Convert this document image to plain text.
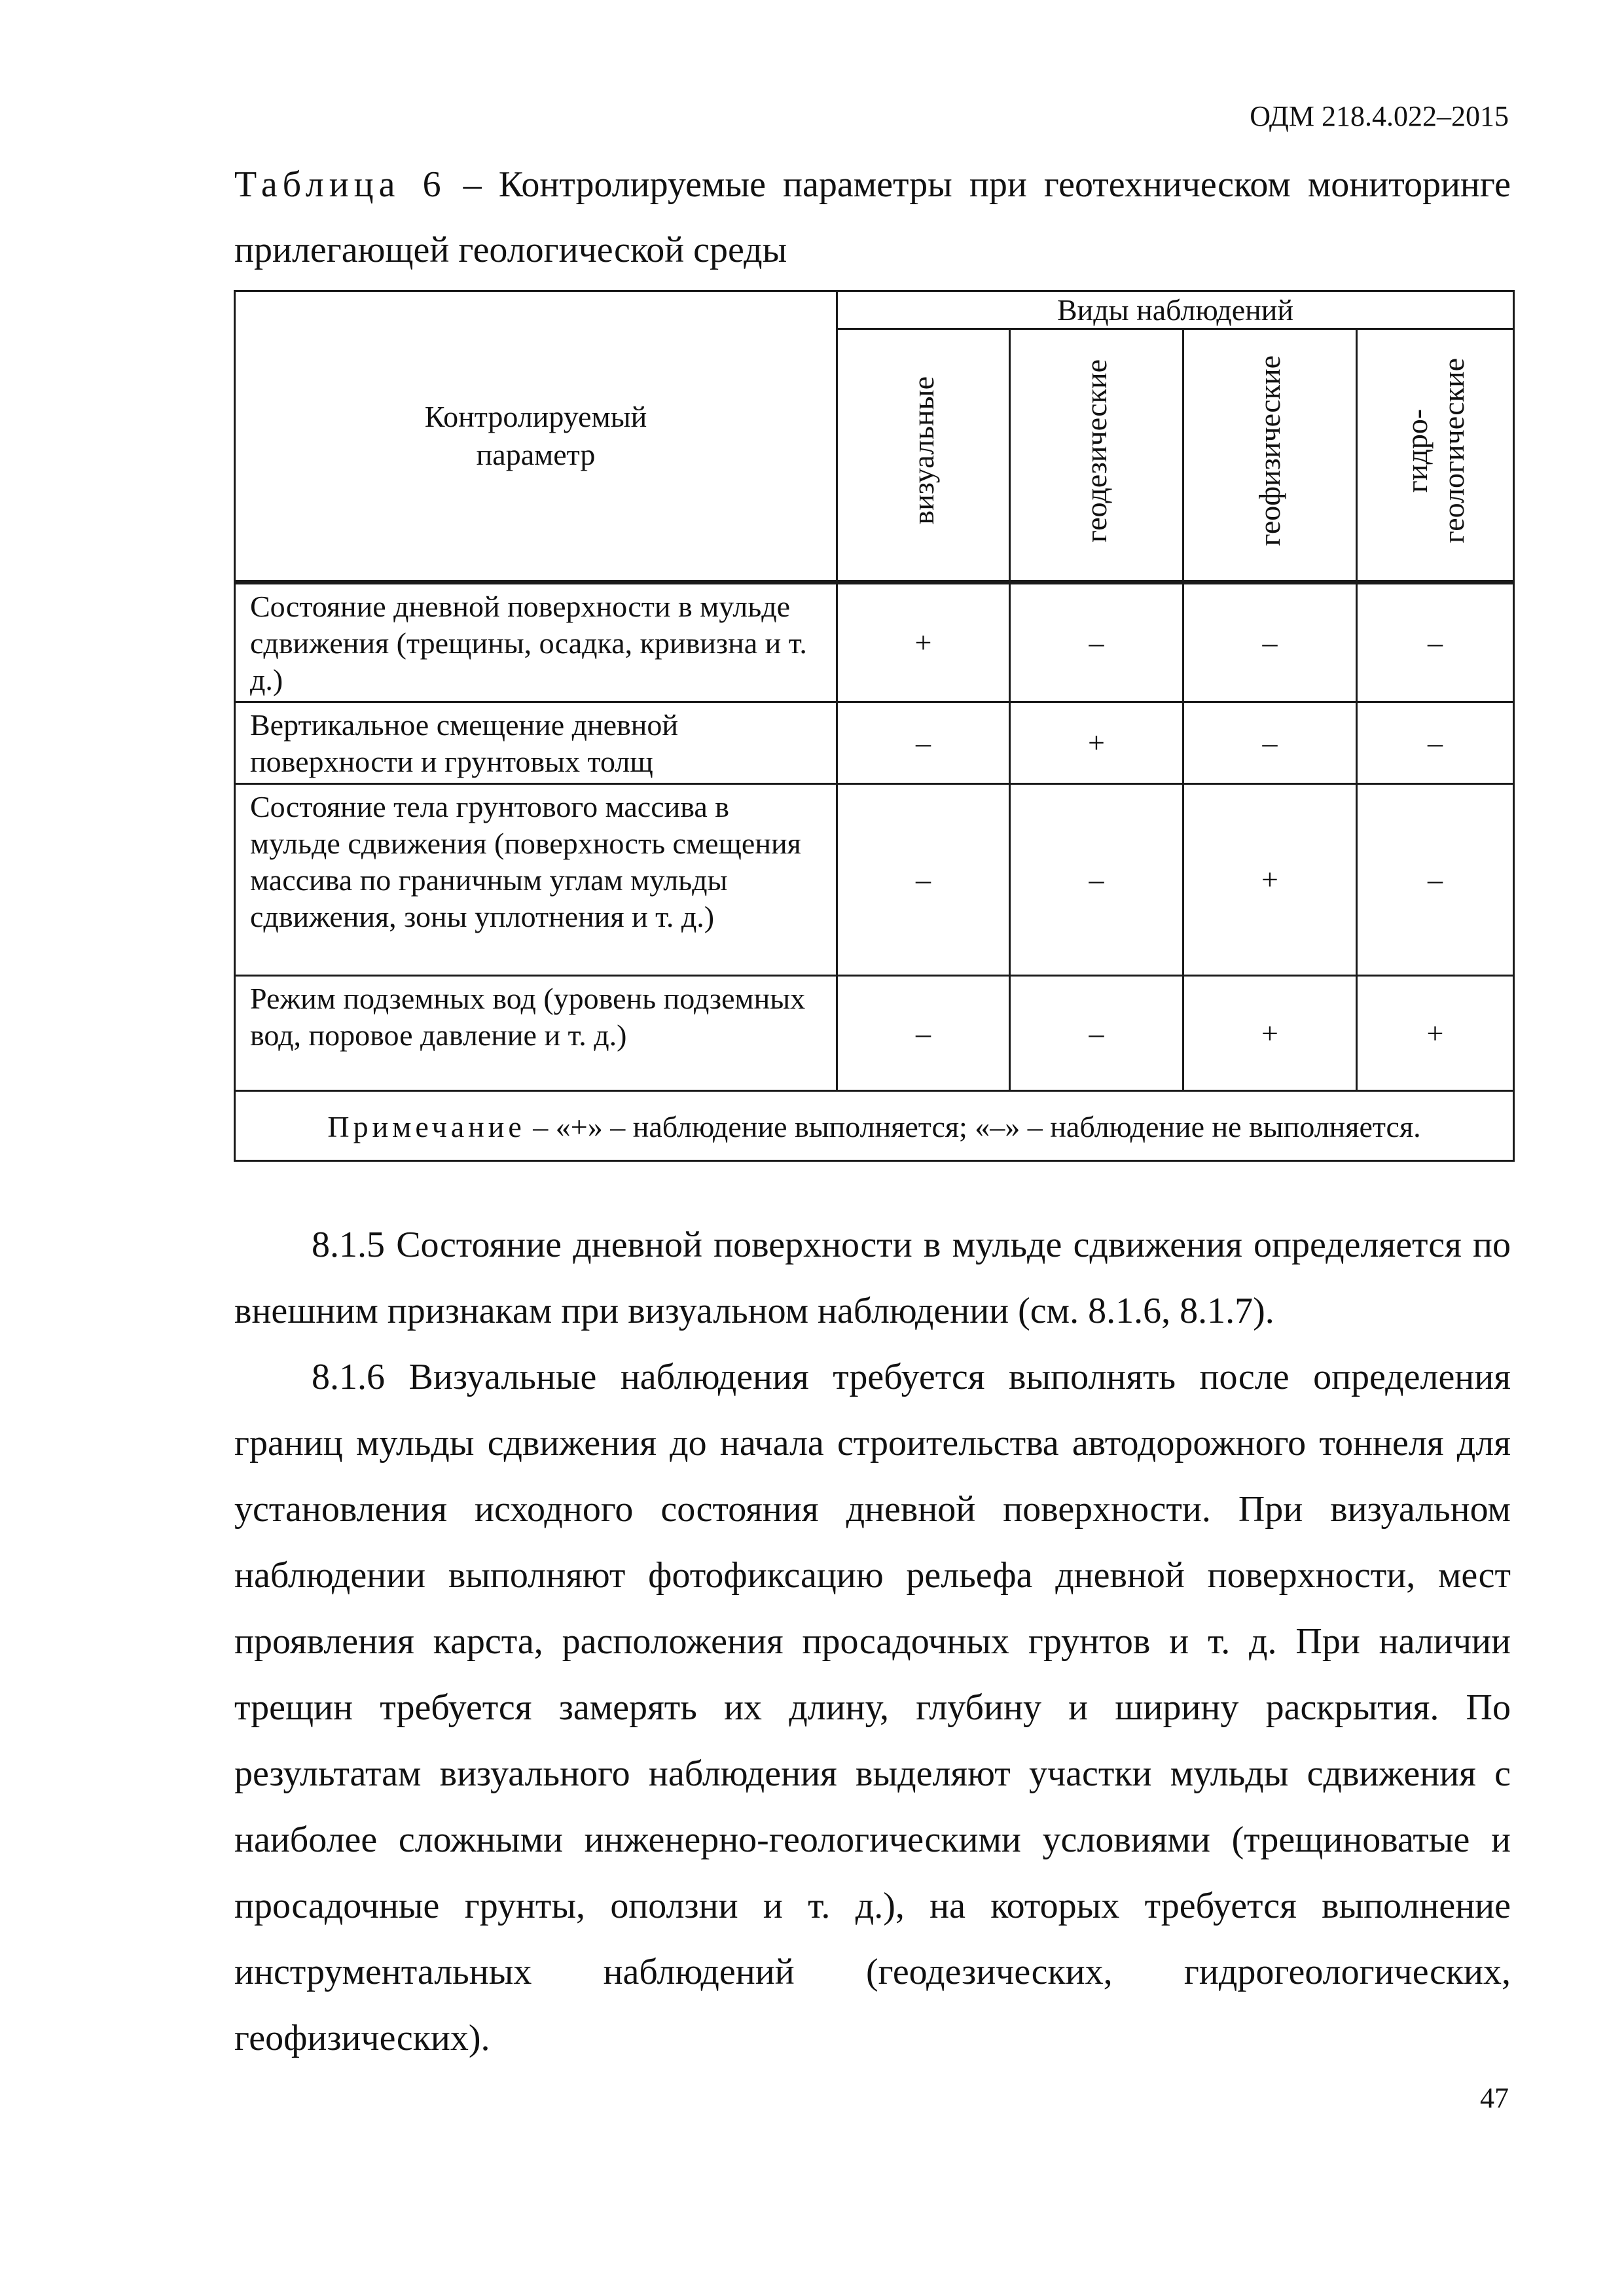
ОДМ 218.4.022–2015
Таблица 6 – Контролируемые параметры при геотехническом мониторинге прилегающей геологической среды
Контролируемый параметр	Виды наблюдений			
	визуальные	геодезические	геофизические	гидро-
геологические
Состояние дневной поверхности в мульде сдвижения (трещины, осадка, кривизна и т. д.)	+	–	–	–
Вертикальное смещение дневной поверхности и грунтовых толщ	–	+	–	–
Состояние тела грунтового массива в мульде сдвижения (поверхность смещения массива по граничным углам мульды сдвижения, зоны уплотнения и т. д.)	–	–	+	–
Режим подземных вод (уровень подземных вод, поровое давление и т. д.)	–	–	+	+
Примечание – «+» – наблюдение выполняется; «–» – наблюдение не выполняется.				

8.1.5 Состояние дневной поверхности в мульде сдвижения определяется по внешним признакам при визуальном наблюдении (см. 8.1.6, 8.1.7).

8.1.6 Визуальные наблюдения требуется выполнять после определения границ мульды сдвижения до начала строительства автодорожного тоннеля для установления исходного состояния дневной поверхности. При визуальном наблюдении выполняют фотофиксацию рельефа дневной поверхности, мест проявления карста, расположения просадочных грунтов и т. д. При наличии трещин требуется замерять их длину, глубину и ширину раскрытия. По результатам визуального наблюдения выделяют участки мульды сдвижения с наиболее сложными инженерно-геологическими условиями (трещиноватые и просадочные грунты, оползни и т. д.), на которых требуется выполнение инструментальных наблюдений (геодезических, гидрогеологических, геофизических).

47
